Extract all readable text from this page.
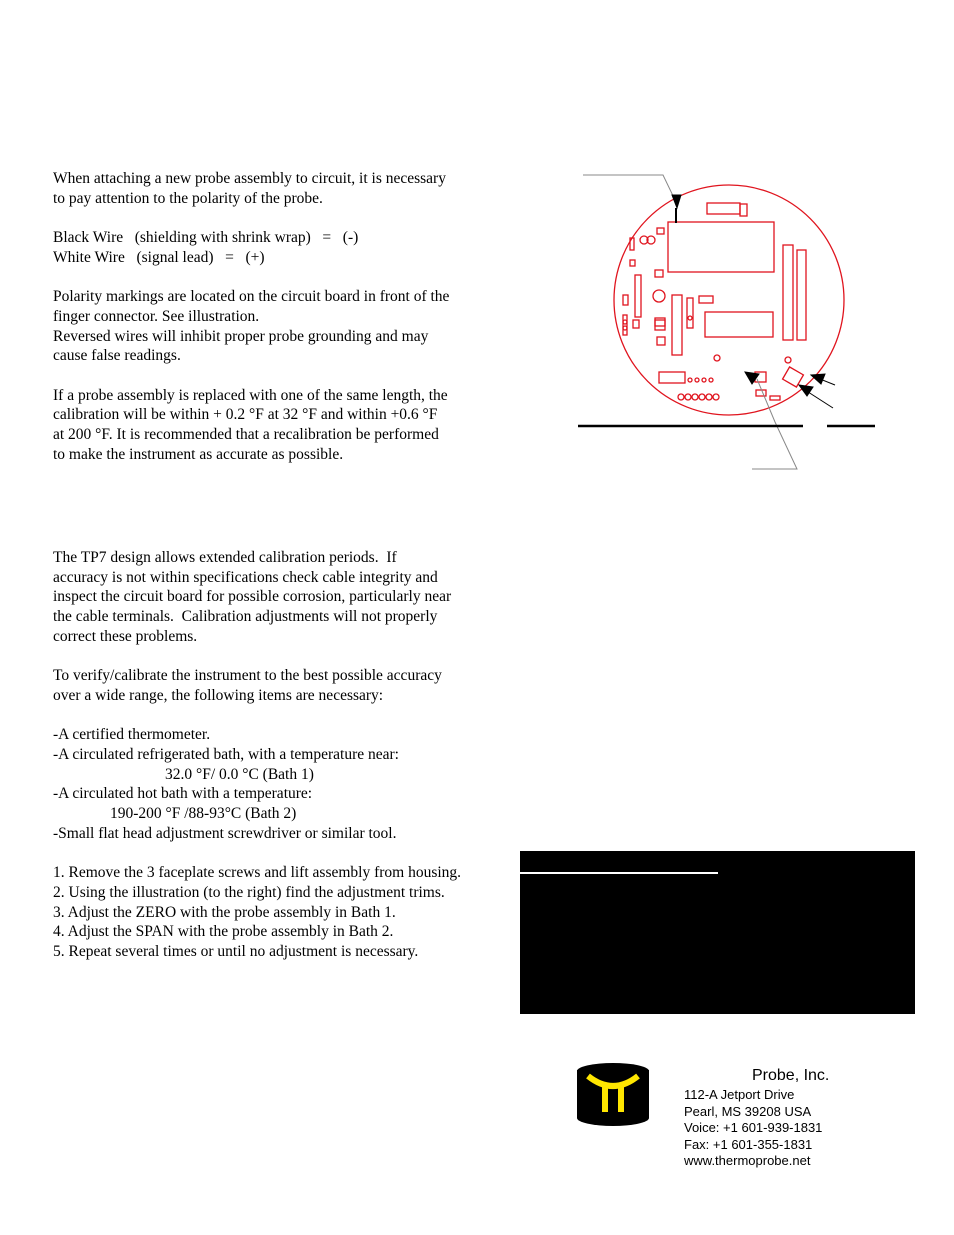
When attaching a new probe assembly to circuit, it is necessary
to pay attention to the polarity of the probe.

Black Wire   (shielding with shrink wrap)   =   (-)

White Wire   (signal lead)   =   (+)

Polarity markings are located on the circuit board in front of the
finger connector. See illustration.
Reversed wires will inhibit proper probe grounding and may
cause false readings.

If a probe assembly is replaced with one of the same length, the
calibration will be within + 0.2 °F at 32 °F and within +0.6 °F
at 200 °F. It is recommended that a recalibration be performed
to make the instrument as accurate as possible.

The TP7 design allows extended calibration periods.  If
accuracy is not within specifications check cable integrity and
inspect the circuit board for possible corrosion, particularly near
the cable terminals.  Calibration adjustments will not properly
correct these problems.

To verify/calibrate the instrument to the best possible accuracy
over a wide range, the following items are necessary:

-A certified thermometer.

-A circulated refrigerated bath, with a temperature near:

32.0 °F/ 0.0 °C (Bath 1)

-A circulated hot bath with a temperature:

190-200 °F /88-93°C (Bath 2)

-Small flat head adjustment screwdriver or similar tool.

1. Remove the 3 faceplate screws and lift assembly from housing.

2. Using the illustration (to the right) find the adjustment trims.

3. Adjust the ZERO with the probe assembly in Bath 1.

4. Adjust the SPAN with the probe assembly in Bath 2.

5. Repeat several times or until no adjustment is necessary.

Probe, Inc.
112-A Jetport Drive
Pearl, MS 39208 USA
Voice: +1 601-939-1831
Fax: +1 601-355-1831
www.thermoprobe.net
